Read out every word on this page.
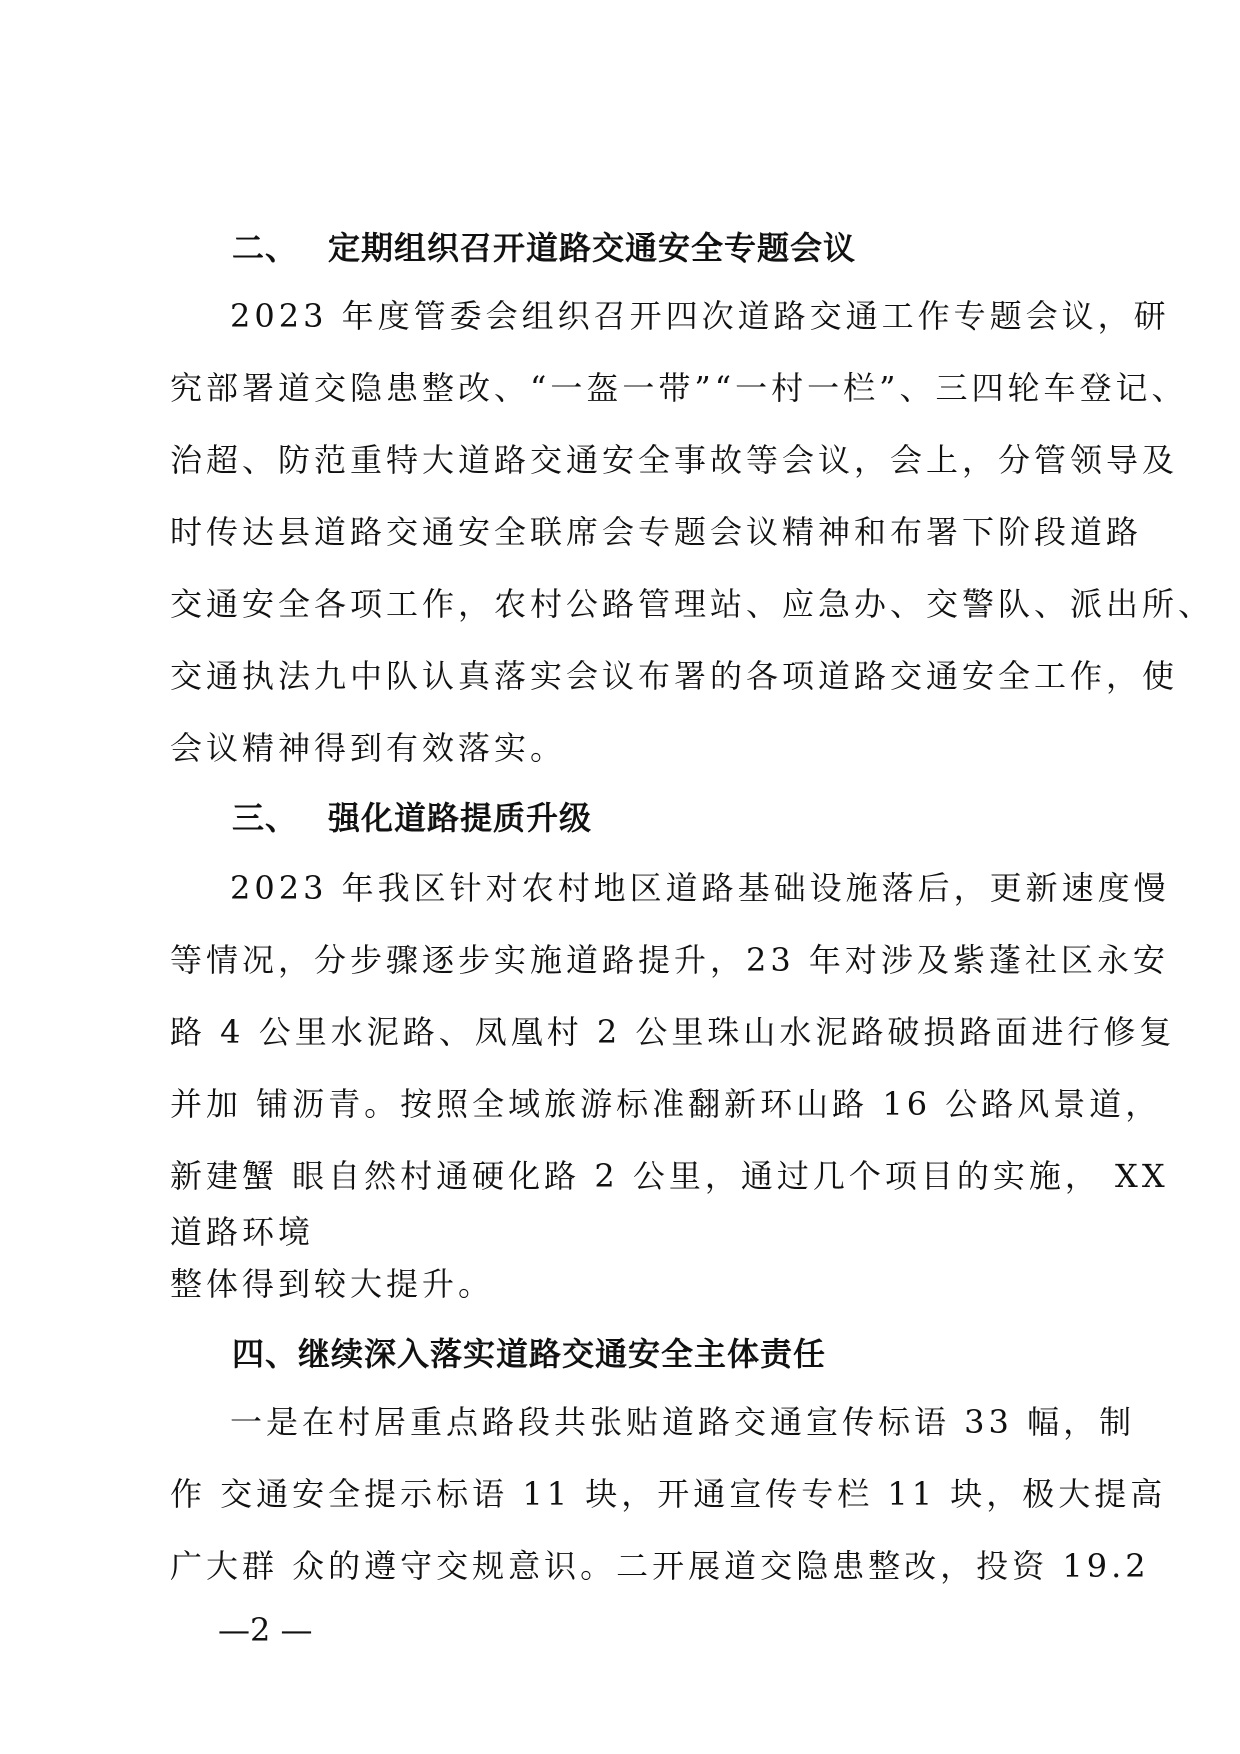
二、 定期组织召开道路交通安全专题会议
2023 年度管委会组织召开四次道路交通工作专题会议，研
究部署道交隐患整改、“一盔一带”“一村一栏”、三四轮车登记、
治超、防范重特大道路交通安全事故等会议，会上，分管领导及
时传达县道路交通安全联席会专题会议精神和布署下阶段道路
交通安全各项工作，农村公路管理站、应急办、交警队、派出所、
交通执法九中队认真落实会议布署的各项道路交通安全工作，使
会议精神得到有效落实。
三、 强化道路提质升级
2023 年我区针对农村地区道路基础设施落后，更新速度慢
等情况，分步骤逐步实施道路提升，23 年对涉及紫蓬社区永安
路 4 公里水泥路、凤凰村 2 公里珠山水泥路破损路面进行修复
并加 铺沥青。按照全域旅游标准翻新环山路 16 公路风景道，
新建蟹 眼自然村通硬化路 2 公里，通过几个项目的实施， XX
道路环境
整体得到较大提升。
四、继续深入落实道路交通安全主体责任
一是在村居重点路段共张贴道路交通宣传标语 33 幅，制
作 交通安全提示标语 11 块，开通宣传专栏 11 块，极大提高
广大群 众的遵守交规意识。二开展道交隐患整改，投资 19.2
—2 —
